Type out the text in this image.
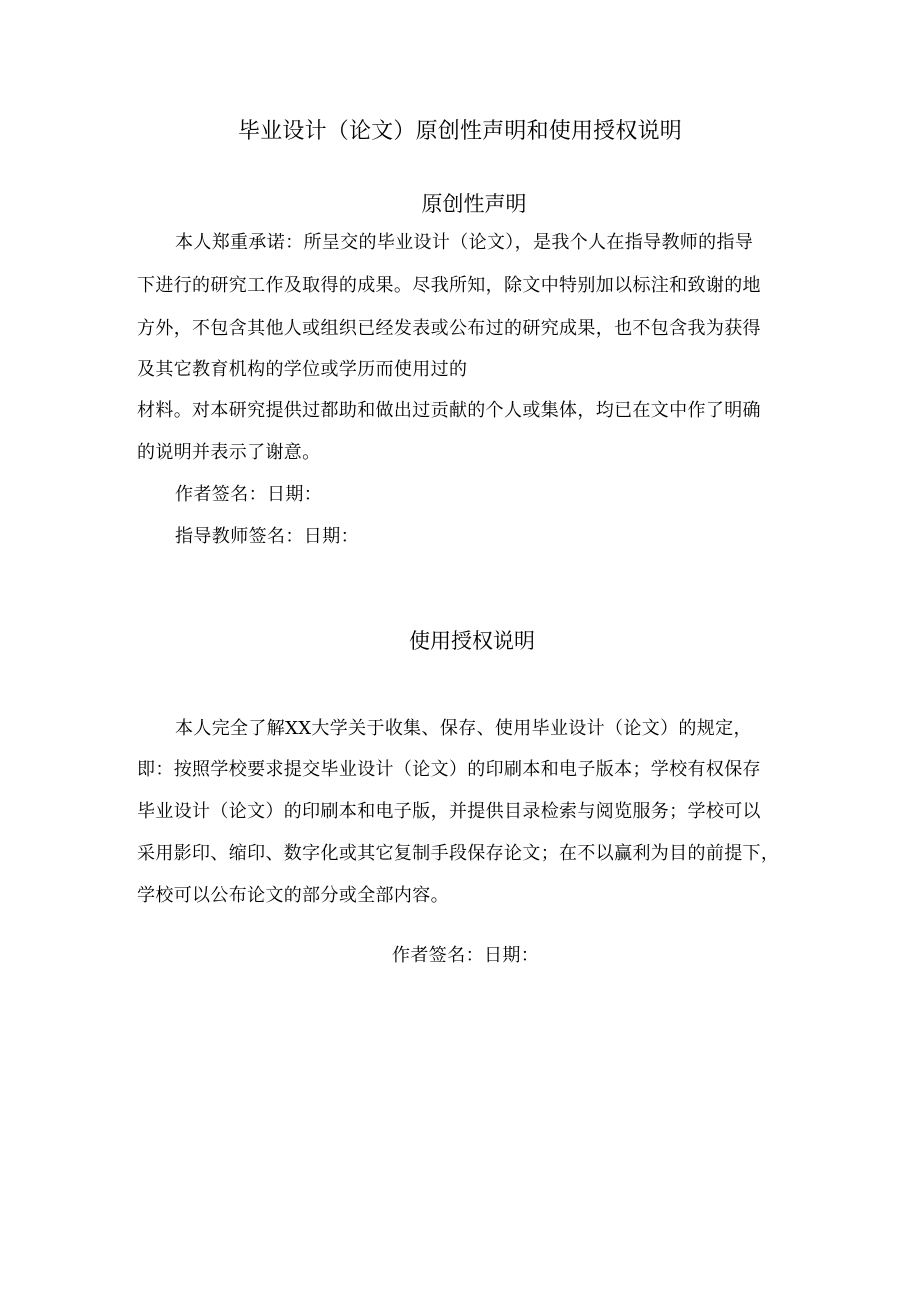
毕业设计（论文）原创性声明和使用授权说明
原创性声明
本人郑重承诺：所呈交的毕业设计（论文），是我个人在指导教师的指导
下进行的研究工作及取得的成果。尽我所知，除文中特别加以标注和致谢的地
方外，不包含其他人或组织已经发表或公布过的研究成果，也不包含我为获得
及其它教育机构的学位或学历而使用过的
材料。对本研究提供过都助和做出过贡献的个人或集体，均已在文中作了明确
的说明并表示了谢意。
作者签名：日期：
指导教师签名：日期：
使用授权说明
本人完全了解XX大学关于收集、保存、使用毕业设计（论文）的规定，
即：按照学校要求提交毕业设计（论文）的印刷本和电子版本；学校有权保存
毕业设计（论文）的印刷本和电子版，并提供目录检索与阅览服务；学校可以
采用影印、缩印、数字化或其它复制手段保存论文；在不以赢利为目的前提下，
学校可以公布论文的部分或全部内容。
作者签名：日期：
